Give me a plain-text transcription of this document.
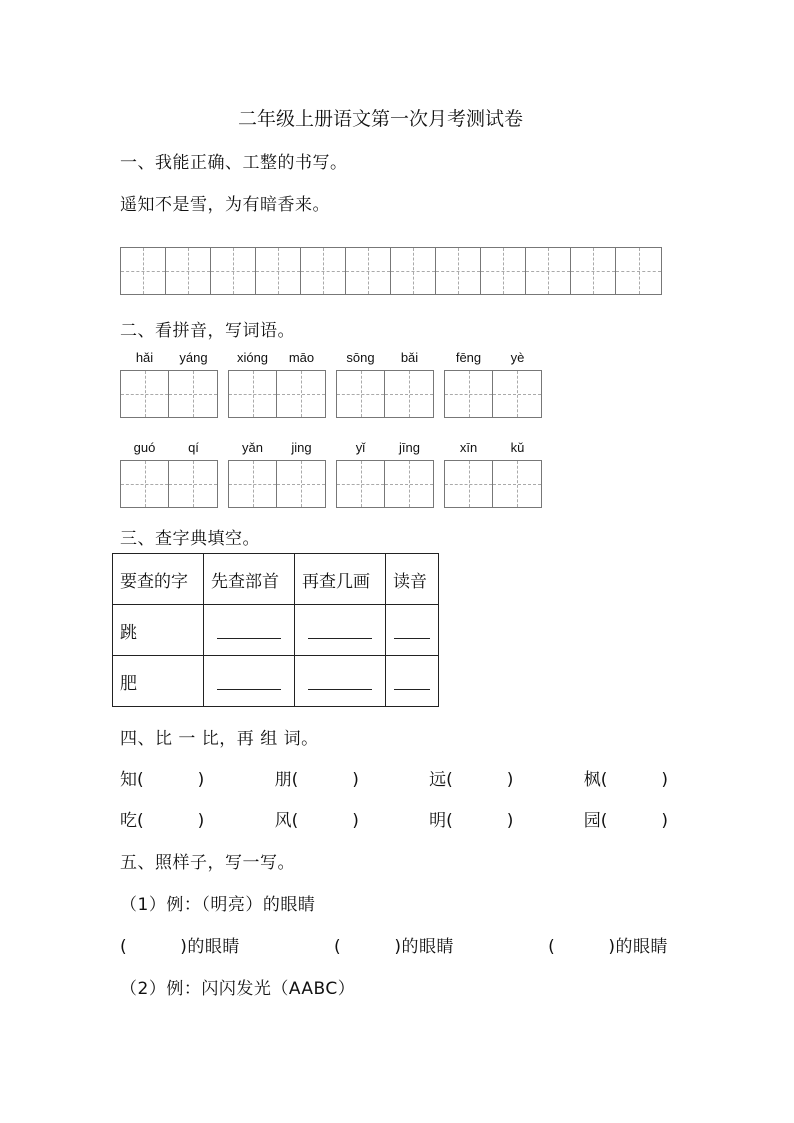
二年级上册语文第一次月考测试卷
一、我能正确、工整的书写。
遥知不是雪，为有暗香来。
二、看拼音，写词语。
hǎi	yáng	xióng	māo	sōng	bǎi	fēng	yè
guó	qí	yǎn	jing	yǐ	jīng	xīn	kǔ
三、查字典填空。
要查的字	先查部首	再查几画	读音
跳			
肥			
四、比 一 比，再 组 词。
知(          )	朋(          )	远(          )	枫(          )
吃(          )	风(          )	明(          )	园(          )
五、照样子，写一写。
（1）例：（明亮）的眼睛
(         )的眼睛	(         )的眼睛	(         )的眼睛
（2）例：闪闪发光（AABC）
